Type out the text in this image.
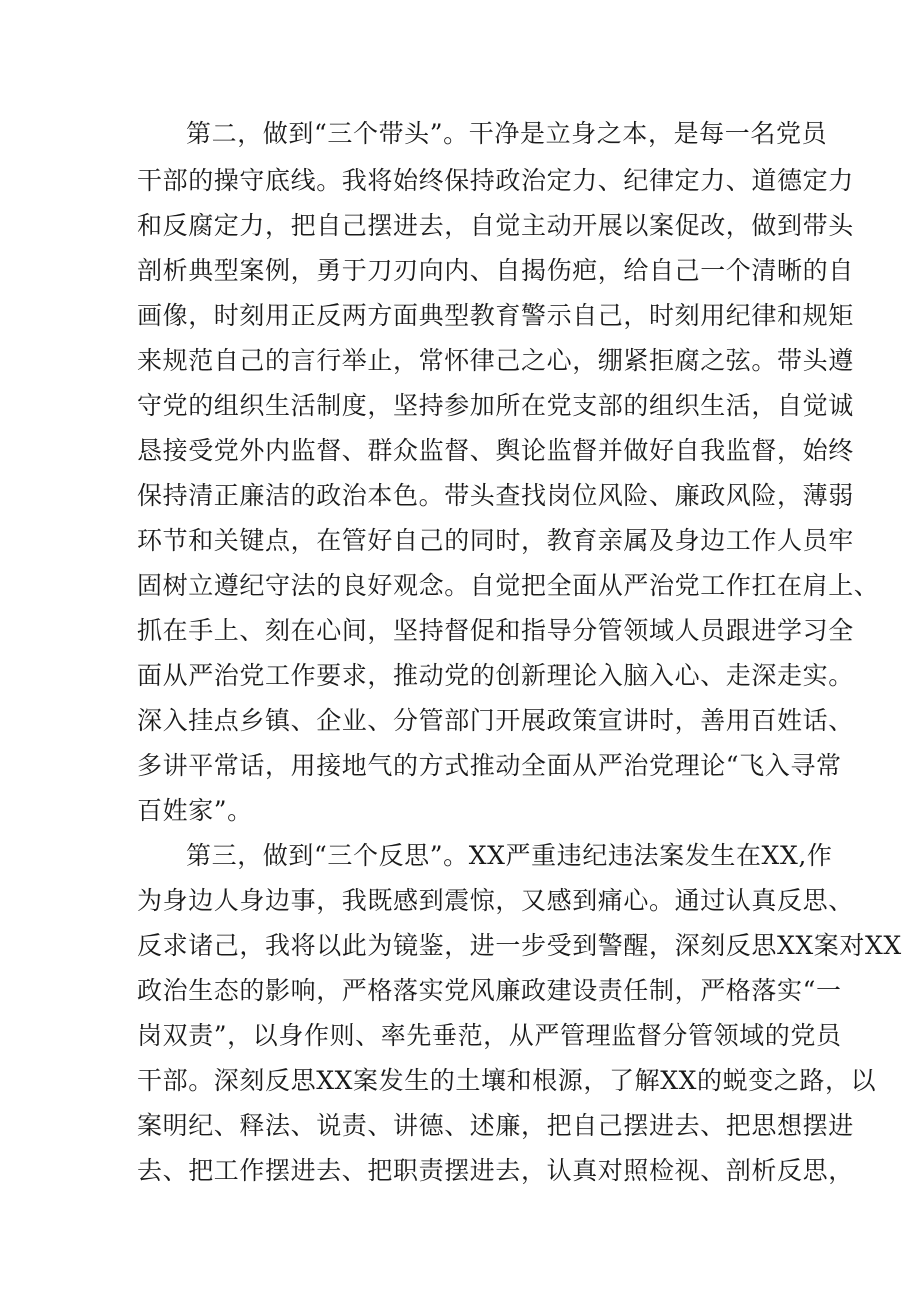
第二，做到“三个带头”。干净是立身之本，是每一名党员
干部的操守底线。我将始终保持政治定力、纪律定力、道德定力
和反腐定力，把自己摆进去，自觉主动开展以案促改，做到带头
剖析典型案例，勇于刀刃向内、自揭伤疤，给自己一个清晰的自
画像，时刻用正反两方面典型教育警示自己，时刻用纪律和规矩
来规范自己的言行举止，常怀律己之心，绷紧拒腐之弦。带头遵
守党的组织生活制度，坚持参加所在党支部的组织生活，自觉诚
恳接受党外内监督、群众监督、舆论监督并做好自我监督，始终
保持清正廉洁的政治本色。带头查找岗位风险、廉政风险，薄弱
环节和关键点，在管好自己的同时，教育亲属及身边工作人员牢
固树立遵纪守法的良好观念。自觉把全面从严治党工作扛在肩上、
抓在手上、刻在心间，坚持督促和指导分管领域人员跟进学习全
面从严治党工作要求，推动党的创新理论入脑入心、走深走实。
深入挂点乡镇、企业、分管部门开展政策宣讲时，善用百姓话、
多讲平常话，用接地气的方式推动全面从严治党理论“飞入寻常
百姓家”。
第三，做到“三个反思”。XX严重违纪违法案发生在XX,作
为身边人身边事，我既感到震惊，又感到痛心。通过认真反思、
反求诸己，我将以此为镜鉴，进一步受到警醒，深刻反思XX案对XX
政治生态的影响，严格落实党风廉政建设责任制，严格落实“一
岗双责”，以身作则、率先垂范，从严管理监督分管领域的党员
干部。深刻反思XX案发生的土壤和根源，了解XX的蜕变之路，以
案明纪、释法、说责、讲德、述廉，把自己摆进去、把思想摆进
去、把工作摆进去、把职责摆进去，认真对照检视、剖析反思，
